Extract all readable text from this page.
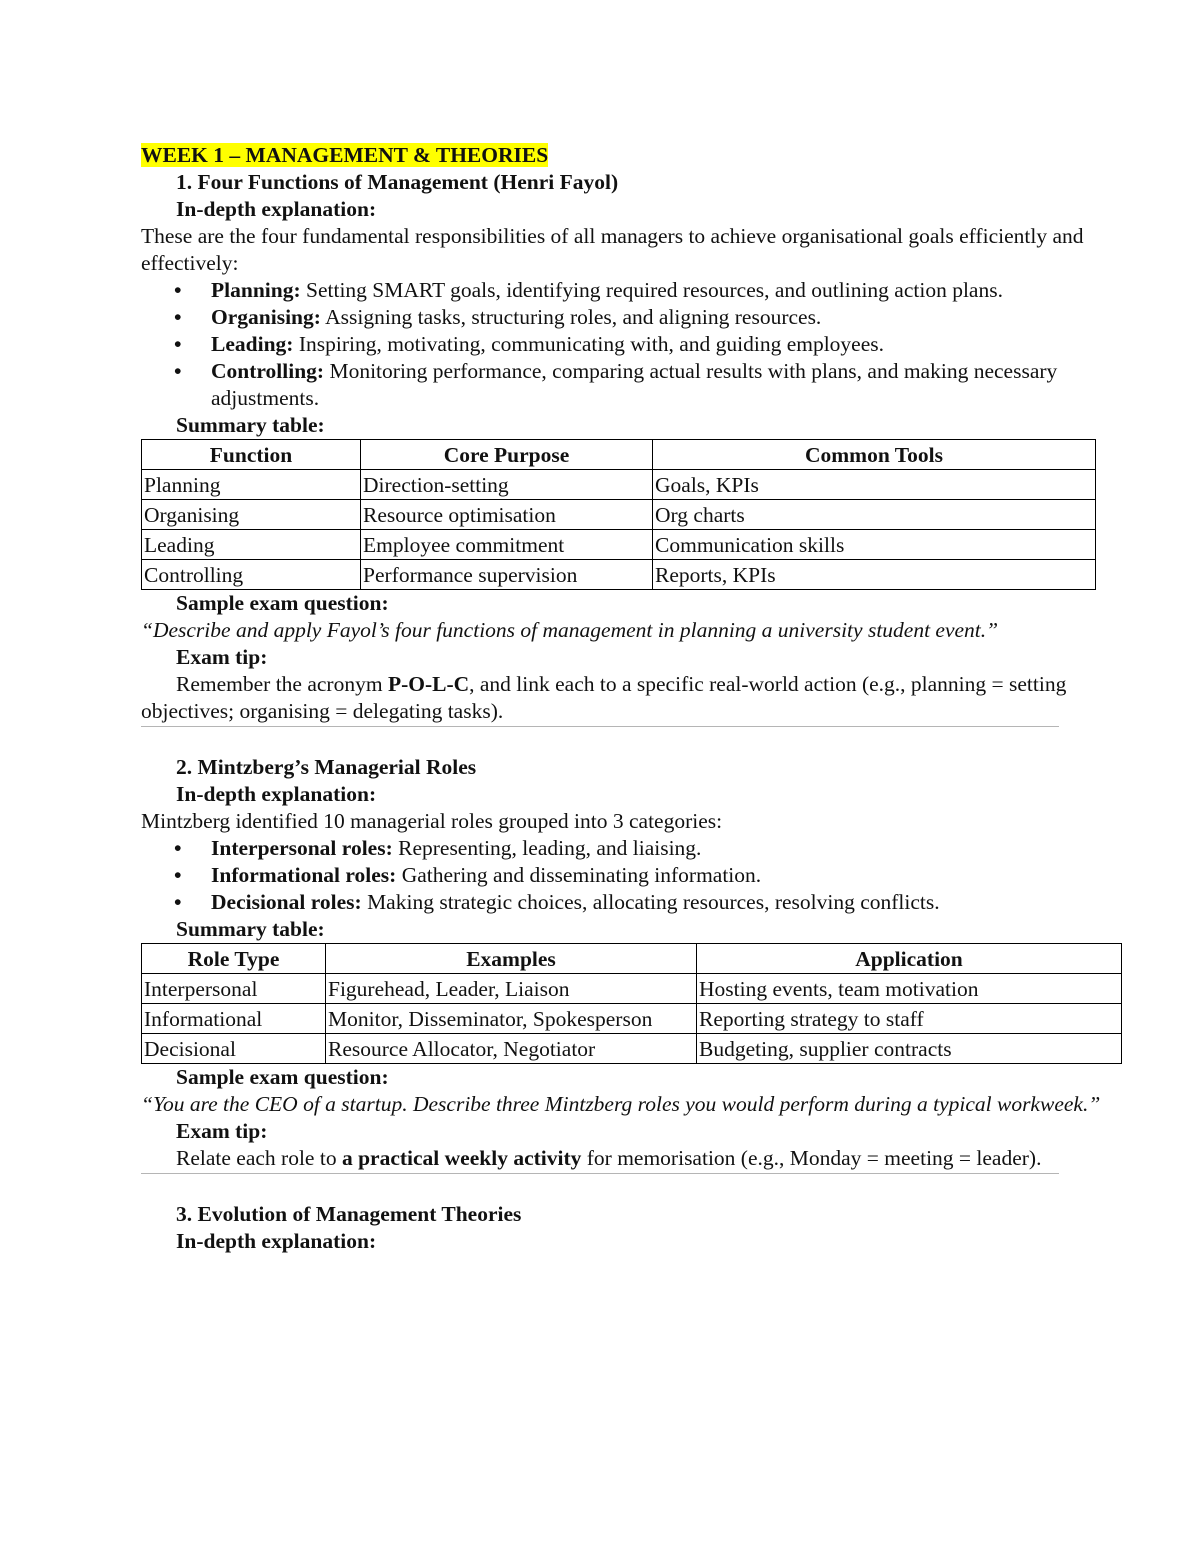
WEEK 1 – MANAGEMENT & THEORIES
1. Four Functions of Management (Henri Fayol)
In-depth explanation:
These are the four fundamental responsibilities of all managers to achieve organisational goals efficiently and effectively:
• Planning: Setting SMART goals, identifying required resources, and outlining action plans.
• Organising: Assigning tasks, structuring roles, and aligning resources.
• Leading: Inspiring, motivating, communicating with, and guiding employees.
• Controlling: Monitoring performance, comparing actual results with plans, and making necessary adjustments.
Summary table:
Function	Core Purpose	Common Tools
Planning	Direction-setting	Goals, KPIs
Organising	Resource optimisation	Org charts
Leading	Employee commitment	Communication skills
Controlling	Performance supervision	Reports, KPIs
Sample exam question:
“Describe and apply Fayol’s four functions of management in planning a university student event.”
Exam tip:
Remember the acronym P-O-L-C, and link each to a specific real-world action (e.g., planning = setting objectives; organising = delegating tasks).
2. Mintzberg’s Managerial Roles
In-depth explanation:
Mintzberg identified 10 managerial roles grouped into 3 categories:
• Interpersonal roles: Representing, leading, and liaising.
• Informational roles: Gathering and disseminating information.
• Decisional roles: Making strategic choices, allocating resources, resolving conflicts.
Summary table:
Role Type	Examples	Application
Interpersonal	Figurehead, Leader, Liaison	Hosting events, team motivation
Informational	Monitor, Disseminator, Spokesperson	Reporting strategy to staff
Decisional	Resource Allocator, Negotiator	Budgeting, supplier contracts
Sample exam question:
“You are the CEO of a startup. Describe three Mintzberg roles you would perform during a typical workweek.”
Exam tip:
Relate each role to a practical weekly activity for memorisation (e.g., Monday = meeting = leader).
3. Evolution of Management Theories
In-depth explanation:
